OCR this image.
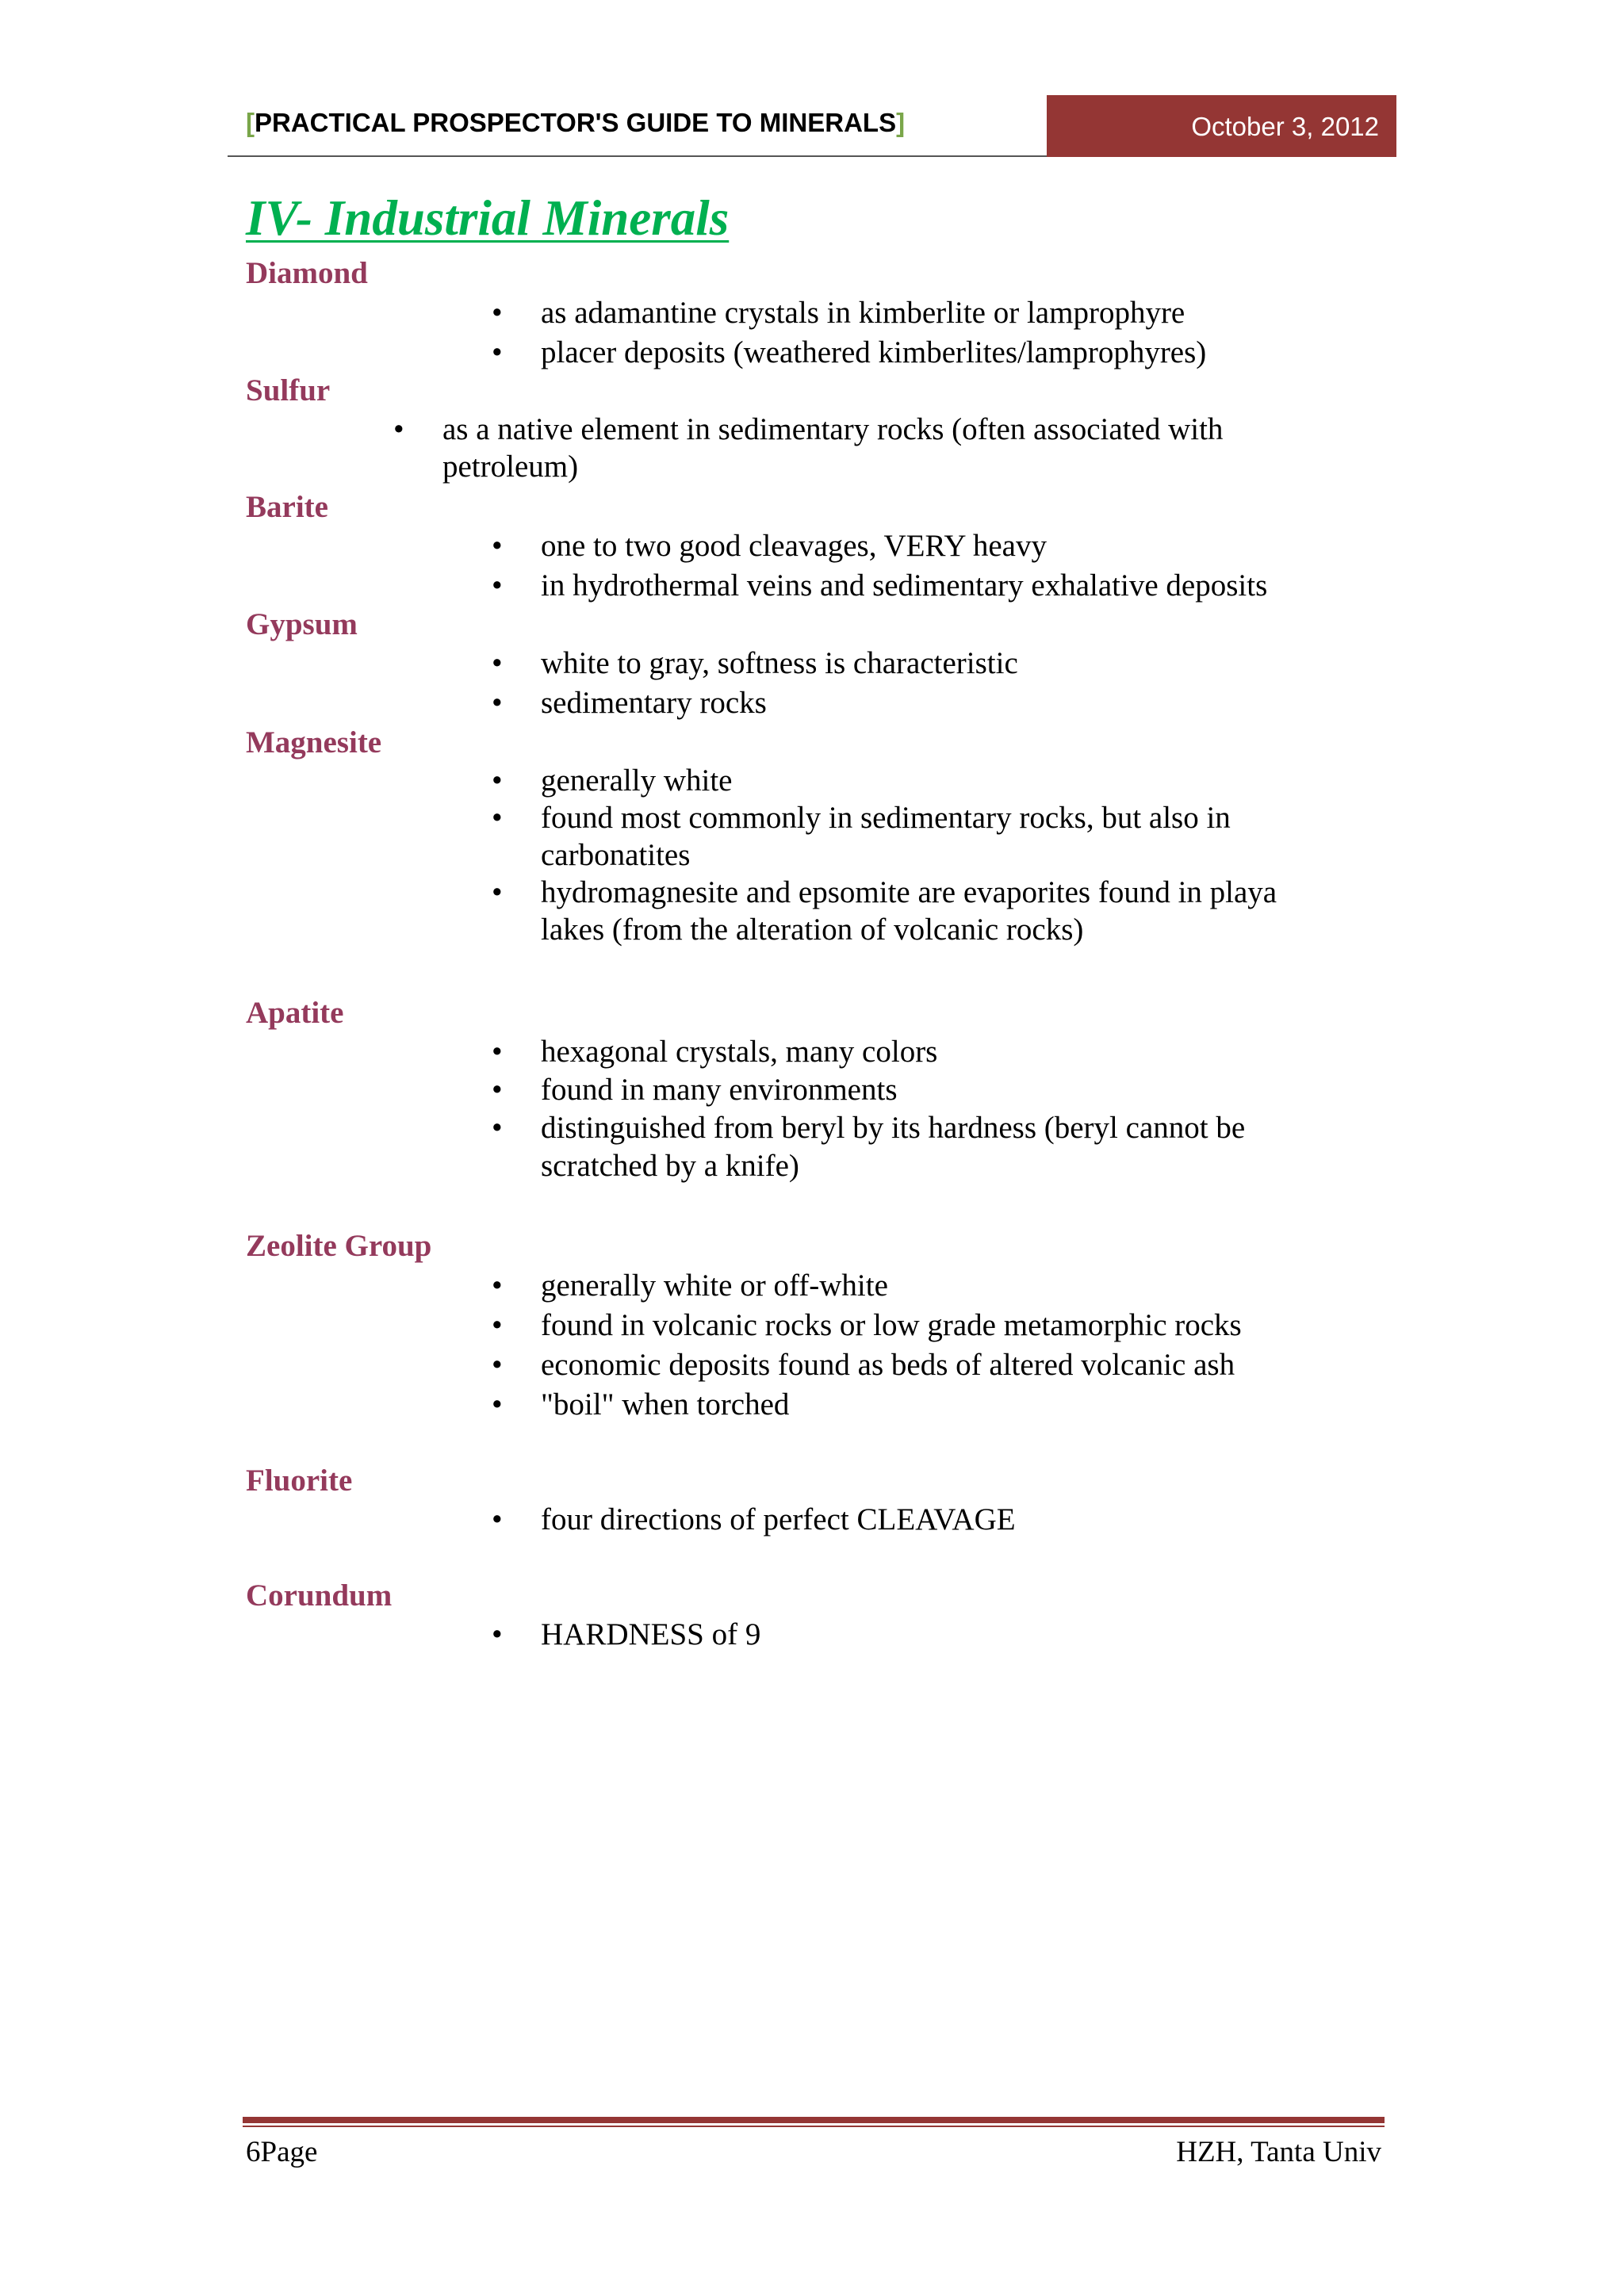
[PRACTICAL PROSPECTOR'S GUIDE TO MINERALS]	October 3, 2012
IV- Industrial Minerals
Diamond
• as adamantine crystals in kimberlite or lamprophyre
• placer deposits (weathered kimberlites/lamprophyres)
Sulfur
• as a native element in sedimentary rocks (often associated with petroleum)
Barite
• one to two good cleavages, VERY heavy
• in hydrothermal veins and sedimentary exhalative deposits
Gypsum
• white to gray, softness is characteristic
• sedimentary rocks
Magnesite
• generally white
• found most commonly in sedimentary rocks, but also in carbonatites
• hydromagnesite and epsomite are evaporites found in playa lakes (from the alteration of volcanic rocks)
Apatite
• hexagonal crystals, many colors
• found in many environments
• distinguished from beryl by its hardness (beryl cannot be scratched by a knife)
Zeolite Group
• generally white or off-white
• found in volcanic rocks or low grade metamorphic rocks
• economic deposits found as beds of altered volcanic ash
• "boil" when torched
Fluorite
• four directions of perfect CLEAVAGE
Corundum
• HARDNESS of 9
6Page	HZH, Tanta Univ
